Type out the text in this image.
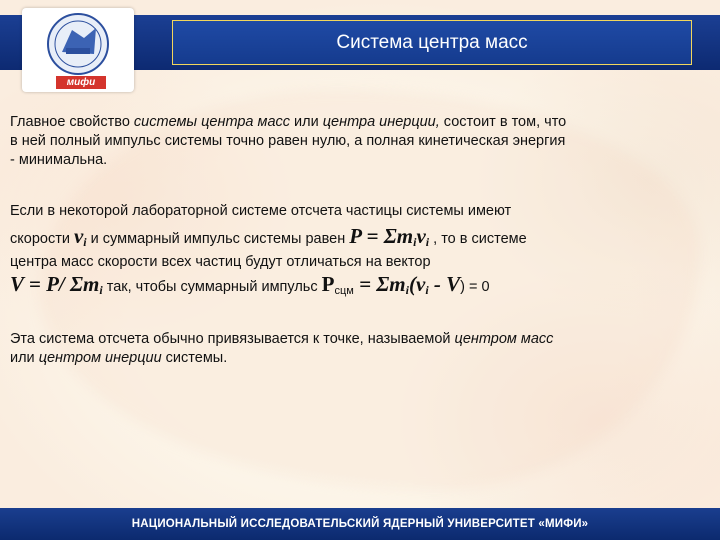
Система центра масс
мифи
Главное свойство системы центра масс или центра инерции, состоит в том, что
в ней полный импульс системы точно равен нулю, а полная кинетическая энергия
- минимальна.
Если в некоторой лабораторной системе отсчета частицы системы имеют
скорости $v_i$ и суммарный импульс системы равен $P = \Sigma m_iv_i$ , то в системе
центра масс скорости всех частиц будут отличаться на вектор
V = P/ $\Sigma m_i$ так, чтобы суммарный импульс $P_{сцм} = \Sigma m_i(v_i - V) = 0$
Эта система отсчета обычно привязывается к точке, называемой центром масс
или центром инерции системы.
НАЦИОНАЛЬНЫЙ ИССЛЕДОВАТЕЛЬСКИЙ ЯДЕРНЫЙ УНИВЕРСИТЕТ «МИФИ»
